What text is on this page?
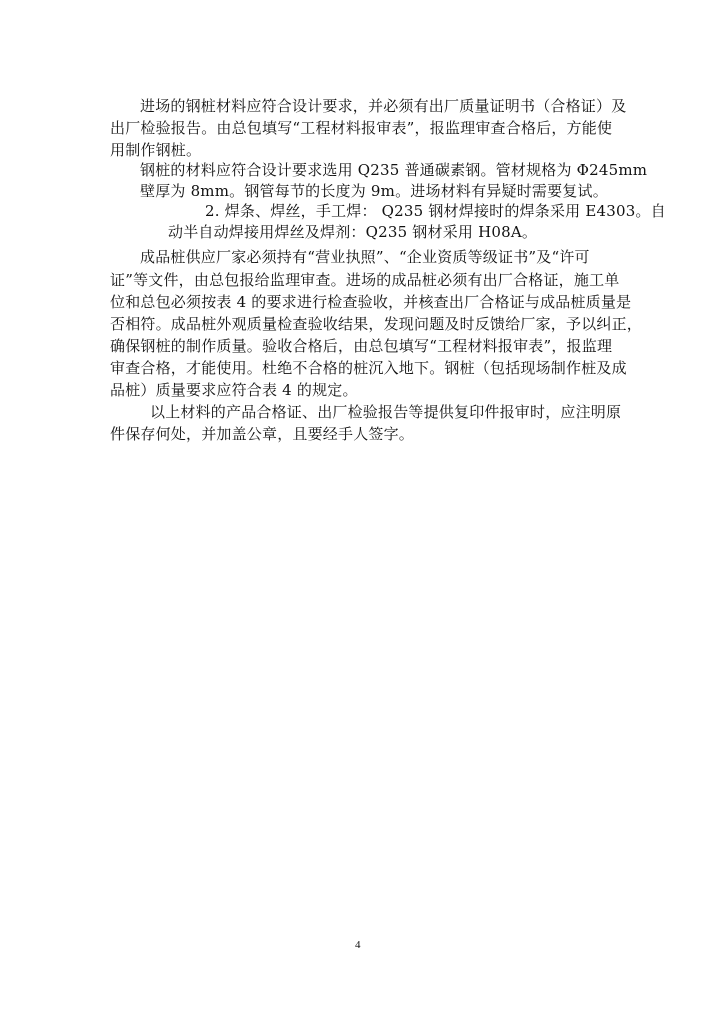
进场的钢桩材料应符合设计要求，并必须有出厂质量证明书（合格证）及
出厂检验报告。由总包填写“工程材料报审表”，报监理审查合格后，方能使
用制作钢桩。
钢桩的材料应符合设计要求选用 Q235 普通碳素钢。管材规格为 Φ245mm
壁厚为 8mm。钢管每节的长度为 9m。进场材料有异疑时需要复试。
2. 焊条、焊丝，手工焊： Q235 钢材焊接时的焊条采用 E4303。自
动半自动焊接用焊丝及焊剂：Q235 钢材采用 H08A。
成品桩供应厂家必须持有“营业执照”、“企业资质等级证书”及“许可
证”等文件，由总包报给监理审查。进场的成品桩必须有出厂合格证，施工单
位和总包必须按表 4 的要求进行检查验收，并核查出厂合格证与成品桩质量是
否相符。成品桩外观质量检查验收结果，发现问题及时反馈给厂家，予以纠正，
确保钢桩的制作质量。验收合格后，由总包填写“工程材料报审表”，报监理
审查合格，才能使用。杜绝不合格的桩沉入地下。钢桩（包括现场制作桩及成
品桩）质量要求应符合表 4 的规定。
以上材料的产品合格证、出厂检验报告等提供复印件报审时，应注明原
件保存何处，并加盖公章，且要经手人签字。
4
